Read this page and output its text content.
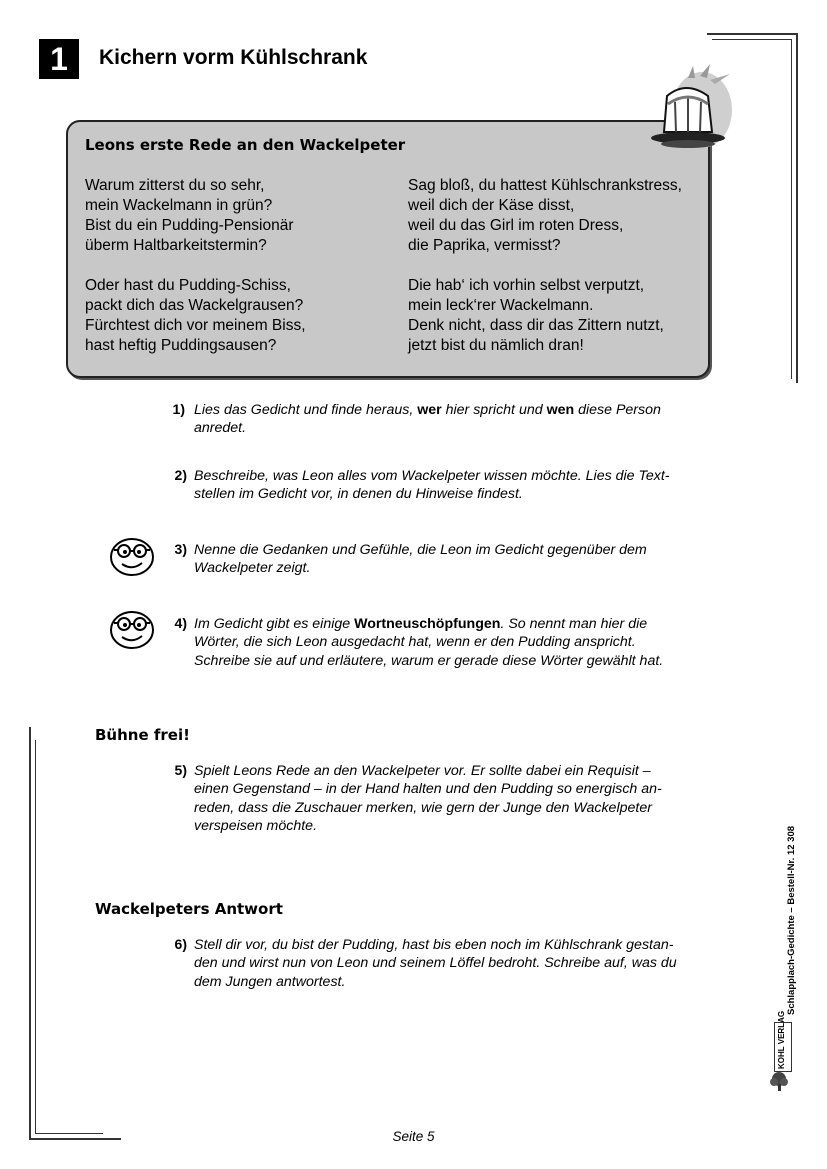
1	Kichern vorm Kühlschrank
Leons erste Rede an den Wackelpeter
Warum zitterst du so sehr,
mein Wackelmann in grün?
Bist du ein Pudding-Pensionär
überm Haltbarkeitstermin?
Oder hast du Pudding-Schiss,
packt dich das Wackelgrausen?
Fürchtest dich vor meinem Biss,
hast heftig Puddingsausen?
Sag bloß, du hattest Kühlschrankstress,
weil dich der Käse disst,
weil du das Girl im roten Dress,
die Paprika, vermisst?
Die hab‘ ich vorhin selbst verputzt,
mein leck‘rer Wackelmann.
Denk nicht, dass dir das Zittern nutzt,
jetzt bist du nämlich dran!
1) Lies das Gedicht und finde heraus, wer hier spricht und wen diese Person
anredet.
2) Beschreibe, was Leon alles vom Wackelpeter wissen möchte. Lies die Text-
stellen im Gedicht vor, in denen du Hinweise findest.
3) Nenne die Gedanken und Gefühle, die Leon im Gedicht gegenüber dem
Wackelpeter zeigt.
4) Im Gedicht gibt es einige Wortneuschöpfungen. So nennt man hier die
Wörter, die sich Leon ausgedacht hat, wenn er den Pudding anspricht.
Schreibe sie auf und erläutere, warum er gerade diese Wörter gewählt hat.
Bühne frei!
5) Spielt Leons Rede an den Wackelpeter vor. Er sollte dabei ein Requisit –
einen Gegenstand – in der Hand halten und den Pudding so energisch an-
reden, dass die Zuschauer merken, wie gern der Junge den Wackelpeter
verspeisen möchte.
Wackelpeters Antwort
6) Stell dir vor, du bist der Pudding, hast bis eben noch im Kühlschrank gestan-
den und wirst nun von Leon und seinem Löffel bedroht. Schreibe auf, was du
dem Jungen antwortest.	Schlapplach-Gedichte – Bestell-Nr. 12 308
KOHL VERLAG
Seite 5
